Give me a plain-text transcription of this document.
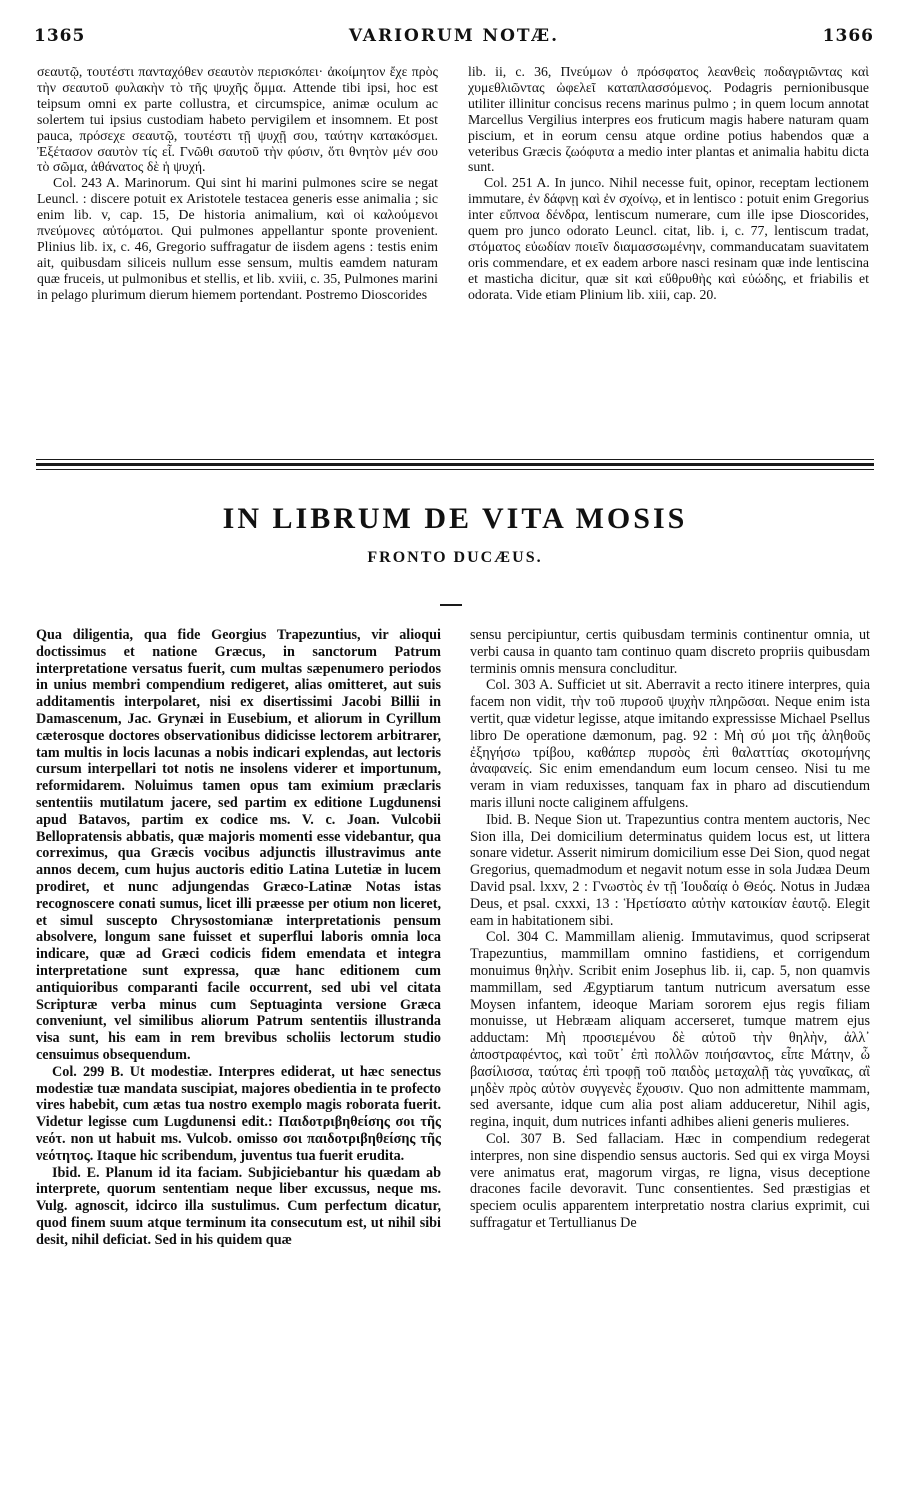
1365	VARIORUM NOTÆ.	1366

σεαυτῷ, τουτέστι πανταχόθεν σεαυτὸν περισκόπει· ἀκοίμητον ἔχε πρὸς τὴν σεαυτοῦ φυλακὴν τὸ τῆς ψυχῆς ὄμμα. Attende tibi ipsi, hoc est teipsum omni ex parte collustra, et circumspice, animæ oculum ac solertem tui ipsius custodiam habeto pervigilem et insomnem. Et post pauca, πρόσεχε σεαυτῷ, τουτέστι τῇ ψυχῇ σου, ταύτην κατακόσμει. Ἐξέτασον σαυτὸν τίς εἶ. Γνῶθι σαυτοῦ τὴν φύσιν, ὅτι θνητὸν μέν σου τὸ σῶμα, ἀθάνατος δὲ ἡ ψυχή.

Col. 243 A. Marinorum. Qui sint hi marini pulmones scire se negat Leuncl. : discere potuit ex Aristotele testacea generis esse animalia ; sic enim lib. v, cap. 15, De historia animalium, καὶ οἱ καλούμενοι πνεύμονες αὐτόματοι. Qui pulmones appellantur sponte provenient. Plinius lib. ix, c. 46, Gregorio suffragatur de iisdem agens : testis enim ait, quibusdam siliceis nullum esse sensum, multis eamdem naturam quæ fruceis, ut pulmonibus et stellis, et lib. xviii, c. 35, Pulmones marini in pelago plurimum dierum hiemem portendant. Postremo Dioscorides

lib. ii, c. 36, Πνεύμων ὁ πρόσφατος λεανθεὶς ποδαγριῶντας καὶ χυμεθλιῶντας ὠφελεῖ καταπλασσόμενος. Podagris pernionibusque utiliter illinitur concisus recens marinus pulmo ; in quem locum annotat Marcellus Vergilius interpres eos fruticum magis habere naturam quam piscium, et in eorum censu atque ordine potius habendos quæ a veteribus Græcis ζωόφυτα a medio inter plantas et animalia habitu dicta sunt.

Col. 251 A. In junco. Nihil necesse fuit, opinor, receptam lectionem immutare, ἐν δάφνῃ καὶ ἐν σχοίνῳ, et in lentisco : potuit enim Gregorius inter εὔπνοα δένδρα, lentiscum numerare, cum ille ipse Dioscorides, quem pro junco odorato Leuncl. citat, lib. i, c. 77, lentiscum tradat, στόματος εὐωδίαν ποιεῖν διαμασσωμένην, commanducatam suavitatem oris commendare, et ex eadem arbore nasci resinam quæ inde lentiscina et masticha dicitur, quæ sit καὶ εὔθρυθὴς καὶ εὐώδης, et friabilis et odorata. Vide etiam Plinium lib. xiii, cap. 20.

IN LIBRUM DE VITA MOSIS
FRONTO DUCÆUS.

Qua diligentia, qua fide Georgius Trapezuntius, vir alioqui doctissimus et natione Græcus, in sanctorum Patrum interpretatione versatus fuerit, cum multas sæpenumero periodos in unius membri compendium redigeret, alias omitteret, aut suis additamentis interpolaret, nisi ex disertissimi Jacobi Billii in Damascenum, Jac. Grynæi in Eusebium, et aliorum in Cyrillum cæterosque doctores observationibus didicisse lectorem arbitrarer, tam multis in locis lacunas a nobis indicari explendas, aut lectoris cursum interpellari tot notis ne insolens viderer et importunum, reformidarem. Noluimus tamen opus tam eximium præclaris sententiis mutilatum jacere, sed partim ex editione Lugdunensi apud Batavos, partim ex codice ms. V. c. Joan. Vulcobii Bellopratensis abbatis, quæ majoris momenti esse videbantur, qua correximus, qua Græcis vocibus adjunctis illustravimus ante annos decem, cum hujus auctoris editio Latina Lutetiæ in lucem prodiret, et nunc adjungendas Græco-Latinæ Notas istas recognoscere conati sumus, licet illi præesse per otium non liceret, et simul suscepto Chrysostomianæ interpretationis pensum absolvere, longum sane fuisset et superflui laboris omnia loca indicare, quæ ad Græci codicis fidem emendata et integra interpretatione sunt expressa, quæ hanc editionem cum antiquioribus comparanti facile occurrent, sed ubi vel citata Scripturæ verba minus cum Septuaginta versione Græca conveniunt, vel similibus aliorum Patrum sententiis illustranda visa sunt, his eam in rem brevibus scholiis lectorum studio censuimus obsequendum.

Col. 299 B. Ut modestiæ. Interpres ediderat, ut hæc senectus modestiæ tuæ mandata suscipiat, majores obedientia in te profecto vires habebit, cum ætas tua nostro exemplo magis roborata fuerit. Videtur legisse cum Lugdunensi edit.: Παιδοτριβηθείσης σοι τῆς νεότ. non ut habuit ms. Vulcob. omisso σοι παιδοτριβηθείσης τῆς νεότητος. Itaque hic scribendum, juventus tua fuerit erudita.

Ibid. E. Planum id ita faciam. Subjiciebantur his quædam ab interprete, quorum sententiam neque liber excussus, neque ms. Vulg. agnoscit, idcirco illa sustulimus. Cum perfectum dicatur, quod finem suum atque terminum ita consecutum est, ut nihil sibi desit, nihil deficiat. Sed in his quidem quæ

sensu percipiuntur, certis quibusdam terminis continentur omnia, ut verbi causa in quanto tam continuo quam discreto propriis quibusdam terminis omnis mensura concluditur.

Col. 303 A. Sufficiet ut sit. Aberravit a recto itinere interpres, quia facem non vidit, τὴν τοῦ πυρσοῦ ψυχὴν πληρῶσαι. Neque enim ista vertit, quæ videtur legisse, atque imitando expressisse Michael Psellus libro De operatione dæmonum, pag. 92 : Μὴ σύ μοι τῆς ἀληθοῦς ἐξηγήσω τρίβου, καθάπερ πυρσὸς ἐπὶ θαλαττίας σκοτομήνης ἀναφανείς. Sic enim emendandum eum locum censeo. Nisi tu me veram in viam reduxisses, tanquam fax in pharo ad discutiendum maris illuni nocte caliginem affulgens.

Ibid. B. Neque Sion ut. Trapezuntius contra mentem auctoris, Nec Sion illa, Dei domicilium determinatus quidem locus est, ut littera sonare videtur. Asserit nimirum domicilium esse Dei Sion, quod negat Gregorius, quemadmodum et negavit notum esse in sola Judæa Deum David psal. lxxv, 2 : Γνωστὸς ἐν τῇ Ἰουδαίᾳ ὁ Θεός. Notus in Judæa Deus, et psal. cxxxi, 13 : Ἡρετίσατο αὐτὴν κατοικίαν ἑαυτῷ. Elegit eam in habitationem sibi.

Col. 304 C. Mammillam alienig. Immutavimus, quod scripserat Trapezuntius, mammillam omnino fastidiens, et corrigendum monuimus θηλὴν. Scribit enim Josephus lib. ii, cap. 5, non quamvis mammillam, sed Ægyptiarum tantum nutricum aversatum esse Moysen infantem, ideoque Mariam sororem ejus regis filiam monuisse, ut Hebræam aliquam accerseret, tumque matrem ejus adductam: Μὴ προσιεμένου δὲ αὐτοῦ τὴν θηλὴν, ἀλλ᾽ ἀποστραφέντος, καὶ τοῦτ᾽ ἐπὶ πολλῶν ποιήσαντος, εἶπε Μάτην, ὦ βασίλισσα, ταύτας ἐπὶ τροφῇ τοῦ παιδὸς μεταχαλῇ τὰς γυναῖκας, αἳ μηδὲν πρὸς αὐτὸν συγγενὲς ἔχουσιν. Quo non admittente mammam, sed aversante, idque cum alia post aliam adduceretur, Nihil agis, regina, inquit, dum nutrices infanti adhibes alieni generis mulieres.

Col. 307 B. Sed fallaciam. Hæc in compendium redegerat interpres, non sine dispendio sensus auctoris. Sed qui ex virga Moysi vere animatus erat, magorum virgas, re ligna, visus deceptione dracones facile devoravit. Tunc consentientes. Sed præstigias et speciem oculis apparentem interpretatio nostra clarius exprimit, cui suffragatur et Tertullianus De
